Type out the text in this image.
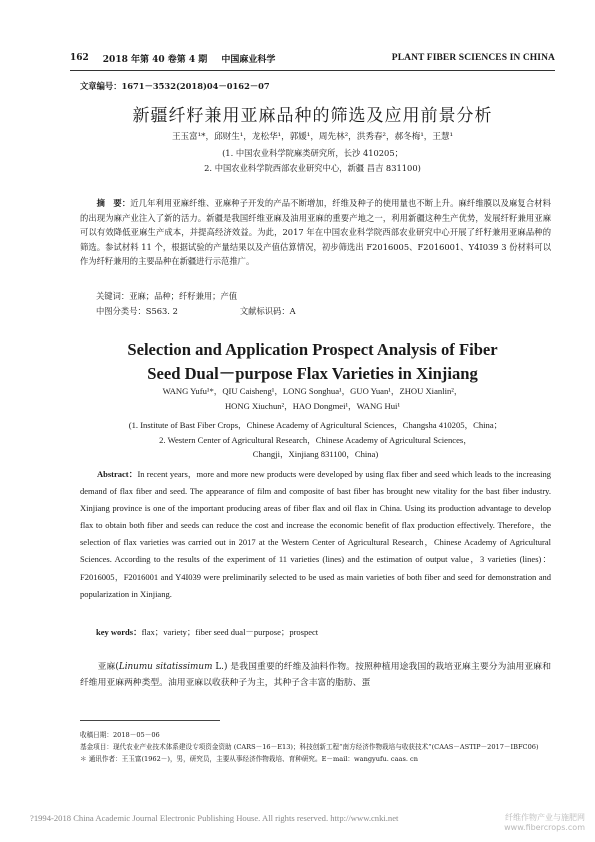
162 2018 年第 40 卷第 4 期 中国麻业科学	PLANT FIBER SCIENCES IN CHINA
文章编号：1671－3532(2018)04－0162－07
新疆纤籽兼用亚麻品种的筛选及应用前景分析
王玉富¹*，邱财生¹，龙松华¹，郭媛¹，周先林²，洪秀春²，郝冬梅¹，王慧¹
(1. 中国农业科学院麻类研究所，长沙 410205；
2. 中国农业科学院西部农业研究中心，新疆 昌吉 831100)
摘　要：近几年利用亚麻纤维、亚麻种子开发的产品不断增加，纤维及种子的使用量也不断上升。麻纤维膜以及麻复合材料的出现为麻产业注入了新的活力。新疆是我国纤维亚麻及油用亚麻的重要产地之一，利用新疆这种生产优势，发展纤籽兼用亚麻可以有效降低亚麻生产成本，并提高经济效益。为此，2017 年在中国农业科学院西部农业研究中心开展了纤籽兼用亚麻品种的筛选。参试材料 11 个，根据试验的产量结果以及产值估算情况，初步筛选出 F2016005、F2016001、Y4I039 3 份材料可以作为纤籽兼用的主要品种在新疆进行示范推广。
关键词：亚麻；品种；纤籽兼用；产值
中图分类号：S563. 2	文献标识码：A
Selection and Application Prospect Analysis of Fiber
Seed Dual－purpose Flax Varieties in Xinjiang
WANG Yufu¹*，QIU Caisheng¹，LONG Songhua¹，GUO Yuan¹，ZHOU Xianlin²，
HONG Xiuchun²，HAO Dongmei¹，WANG Hui¹
(1. Institute of Bast Fiber Crops，Chinese Academy of Agricultural Sciences，Changsha 410205，China；
2. Western Center of Agricultural Research，Chinese Academy of Agricultural Sciences，
Changji，Xinjiang 831100，China)
Abstract：In recent years，more and more new products were developed by using flax fiber and seed which leads to the increasing demand of flax fiber and seed. The appearance of film and composite of bast fiber has brought new vitality for the bast fiber industry. Xinjiang province is one of the important producing areas of fiber flax and oil flax in China. Using its production advantage to develop flax to obtain both fiber and seeds can reduce the cost and increase the economic benefit of flax production effectively. Therefore，the selection of flax varieties was carried out in 2017 at the Western Center of Agricultural Research，Chinese Academy of Agricultural Sciences. According to the results of the experiment of 11 varieties (lines) and the estimation of output value，3 varieties (lines)：F2016005，F2016001 and Y4I039 were preliminarily selected to be used as main varieties of both fiber and seed for demonstration and popularization in Xinjiang.
key words：flax；variety；fiber seed dual－purpose；prospect
亚麻(Linumu sitatissimum L.) 是我国重要的纤维及油料作物。按照种植用途我国的栽培亚麻主要分为油用亚麻和纤维用亚麻两种类型。油用亚麻以收获种子为主，其种子含丰富的脂肪、蛋
收稿日期：2018－05－06
基金项目：现代农业产业技术体系建设专项资金资助 (CARS－16－E13)；科技创新工程“南方经济作物栽培与收获技术”(CAAS－ASTIP－2017－IBFC06)
＊ 通讯作者：王玉富(1962－)，男，研究员，主要从事经济作物栽培、育种研究。E－mail：wangyufu. caas. cn
?1994-2018 China Academic Journal Electronic Publishing House. All rights reserved. http://www.cnki.net	纤维作物产业与施肥网
www.fibercrops.com
